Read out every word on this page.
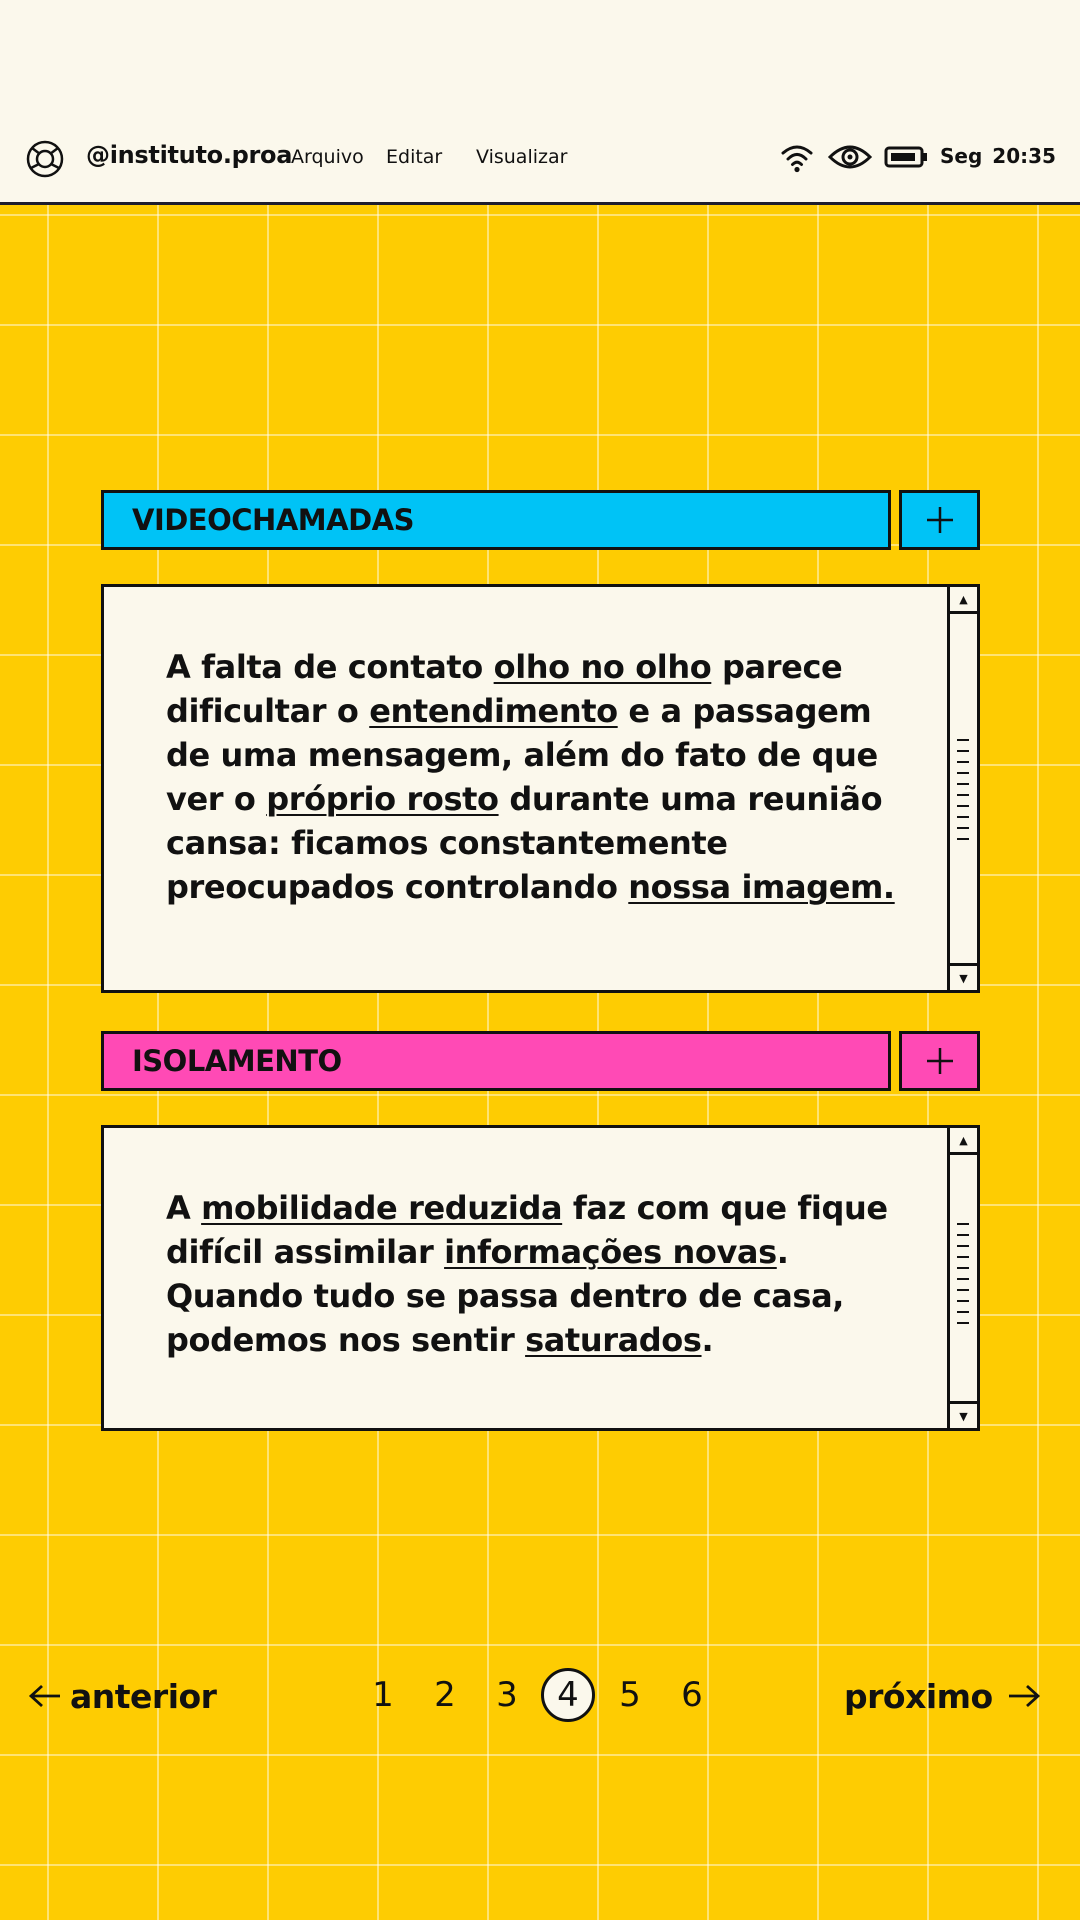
@instituto.proa
Arquivo Editar Visualizar	Seg 20:35
VIDEOCHAMADAS

A falta de contato olho no olho parece dificultar o entendimento e a passagem de uma mensagem, além do fato de que ver o próprio rosto durante uma reunião cansa: ficamos constantemente preocupados controlando nossa imagem.

▲
▼
ISOLAMENTO

A mobilidade reduzida faz com que fique difícil assimilar informações novas. Quando tudo se passa dentro de casa, podemos nos sentir saturados.

▲
▼
anterior	1	2	3	4	5	6	próximo
